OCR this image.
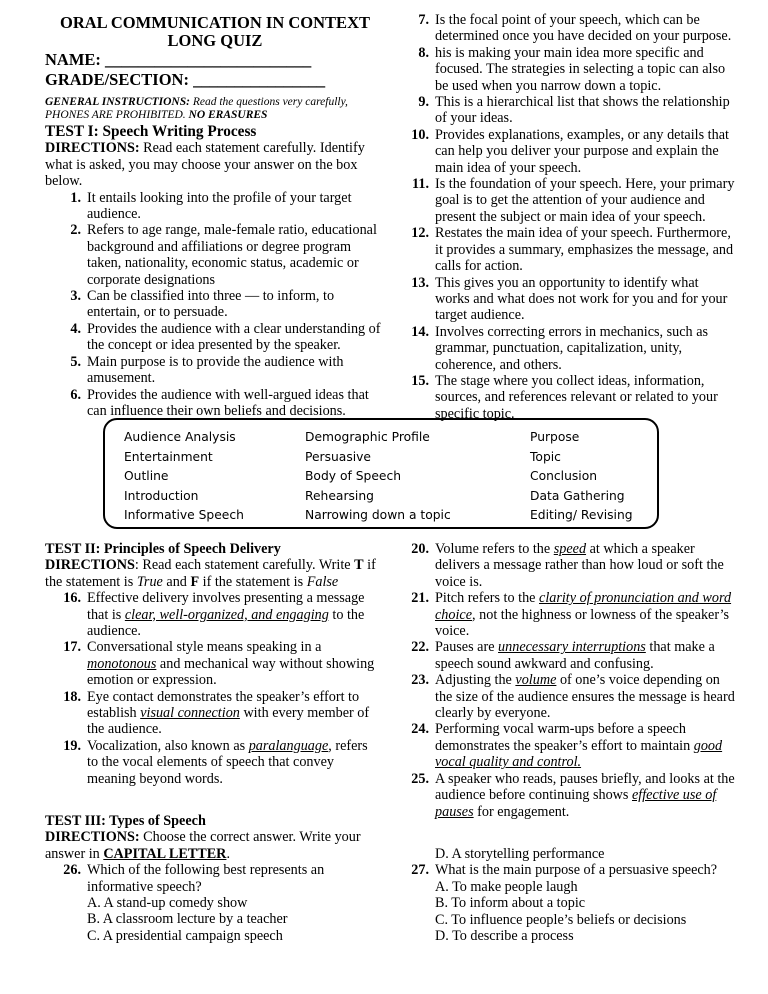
ORAL COMMUNICATION IN CONTEXT
LONG QUIZ
NAME: _________________________
GRADE/SECTION: ________________
GENERAL INSTRUCTIONS: Read the questions very carefully, PHONES ARE PROHIBITED. NO ERASURES
TEST I: Speech Writing Process
DIRECTIONS: Read each statement carefully. Identify what is asked, you may choose your answer on the box below.
1. It entails looking into the profile of your target audience.
2. Refers to age range, male-female ratio, educational background and affiliations or degree program taken, nationality, economic status, academic or corporate designations
3. Can be classified into three — to inform, to entertain, or to persuade.
4. Provides the audience with a clear understanding of the concept or idea presented by the speaker.
5. Main purpose is to provide the audience with amusement.
6. Provides the audience with well-argued ideas that can influence their own beliefs and decisions.
7. Is the focal point of your speech, which can be determined once you have decided on your purpose.
8. his is making your main idea more specific and focused. The strategies in selecting a topic can also be used when you narrow down a topic.
9. This is a hierarchical list that shows the relationship of your ideas.
10. Provides explanations, examples, or any details that can help you deliver your purpose and explain the main idea of your speech.
11. Is the foundation of your speech. Here, your primary goal is to get the attention of your audience and present the subject or main idea of your speech.
12. Restates the main idea of your speech. Furthermore, it provides a summary, emphasizes the message, and calls for action.
13. This gives you an opportunity to identify what works and what does not work for you and for your target audience.
14. Involves correcting errors in mechanics, such as grammar, punctuation, capitalization, unity, coherence, and others.
15. The stage where you collect ideas, information, sources, and references relevant or related to your specific topic.
Audience Analysis
Entertainment
Outline
Introduction
Informative Speech
Demographic Profile
Persuasive
Body of Speech
Rehearsing
Narrowing down a topic
Purpose
Topic
Conclusion
Data Gathering
Editing/ Revising
TEST II: Principles of Speech Delivery
DIRECTIONS: Read each statement carefully. Write T if the statement is True and F if the statement is False
16. Effective delivery involves presenting a message that is clear, well-organized, and engaging to the audience.
17. Conversational style means speaking in a monotonous and mechanical way without showing emotion or expression.
18. Eye contact demonstrates the speaker’s effort to establish visual connection with every member of the audience.
19. Vocalization, also known as paralanguage, refers to the vocal elements of speech that convey meaning beyond words.
20. Volume refers to the speed at which a speaker delivers a message rather than how loud or soft the voice is.
21. Pitch refers to the clarity of pronunciation and word choice, not the highness or lowness of the speaker’s voice.
22. Pauses are unnecessary interruptions that make a speech sound awkward and confusing.
23. Adjusting the volume of one’s voice depending on the size of the audience ensures the message is heard clearly by everyone.
24. Performing vocal warm-ups before a speech demonstrates the speaker’s effort to maintain good vocal quality and control.
25. A speaker who reads, pauses briefly, and looks at the audience before continuing shows effective use of pauses for engagement.
TEST III: Types of Speech
DIRECTIONS: Choose the correct answer. Write your answer in CAPITAL LETTER.
26. Which of the following best represents an informative speech?
A. A stand-up comedy show
B. A classroom lecture by a teacher
C. A presidential campaign speech
D. A storytelling performance
27. What is the main purpose of a persuasive speech?
A. To make people laugh
B. To inform about a topic
C. To influence people’s beliefs or decisions
D. To describe a process
